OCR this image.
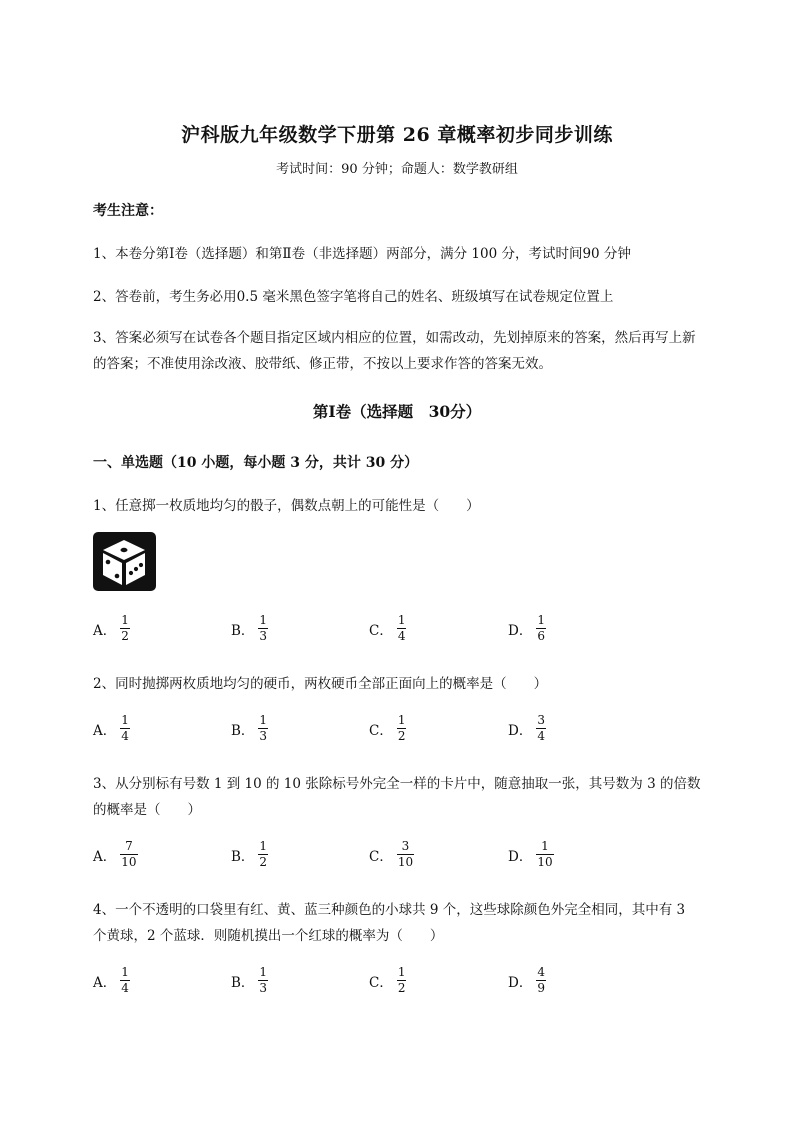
沪科版九年级数学下册第 26 章概率初步同步训练
考试时间：90 分钟；命题人：数学教研组
考生注意：
1、本卷分第Ⅰ卷（选择题）和第Ⅱ卷（非选择题）两部分，满分 100 分，考试时间90 分钟
2、答卷前，考生务必用0.5 毫米黑色签字笔将自己的姓名、班级填写在试卷规定位置上
3、答案必须写在试卷各个题目指定区域内相应的位置，如需改动，先划掉原来的答案，然后再写上新
的答案；不准使用涂改液、胶带纸、修正带，不按以上要求作答的答案无效。
第Ⅰ卷（选择题　30分）
一、单选题（10 小题，每小题 3 分，共计 30 分）
1、任意掷一枚质地均匀的骰子，偶数点朝上的可能性是（　　）
A． $\frac{1}{2}$	B． $\frac{1}{3}$	C． $\frac{1}{4}$	D． $\frac{1}{6}$
2、同时抛掷两枚质地均匀的硬币，两枚硬币全部正面向上的概率是（　　）
A． $\frac{1}{4}$	B． $\frac{1}{3}$	C． $\frac{1}{2}$	D． $\frac{3}{4}$
3、从分别标有号数 1 到 10 的 10 张除标号外完全一样的卡片中，随意抽取一张，其号数为 3 的倍数
的概率是（　　）
A． $\frac{7}{10}$	B． $\frac{1}{2}$	C． $\frac{3}{10}$	D． $\frac{1}{10}$
4、一个不透明的口袋里有红、黄、蓝三种颜色的小球共 9 个，这些球除颜色外完全相同，其中有 3
个黄球，2 个蓝球．则随机摸出一个红球的概率为（　　）
A． $\frac{1}{4}$	B． $\frac{1}{3}$	C． $\frac{1}{2}$	D． $\frac{4}{9}$
